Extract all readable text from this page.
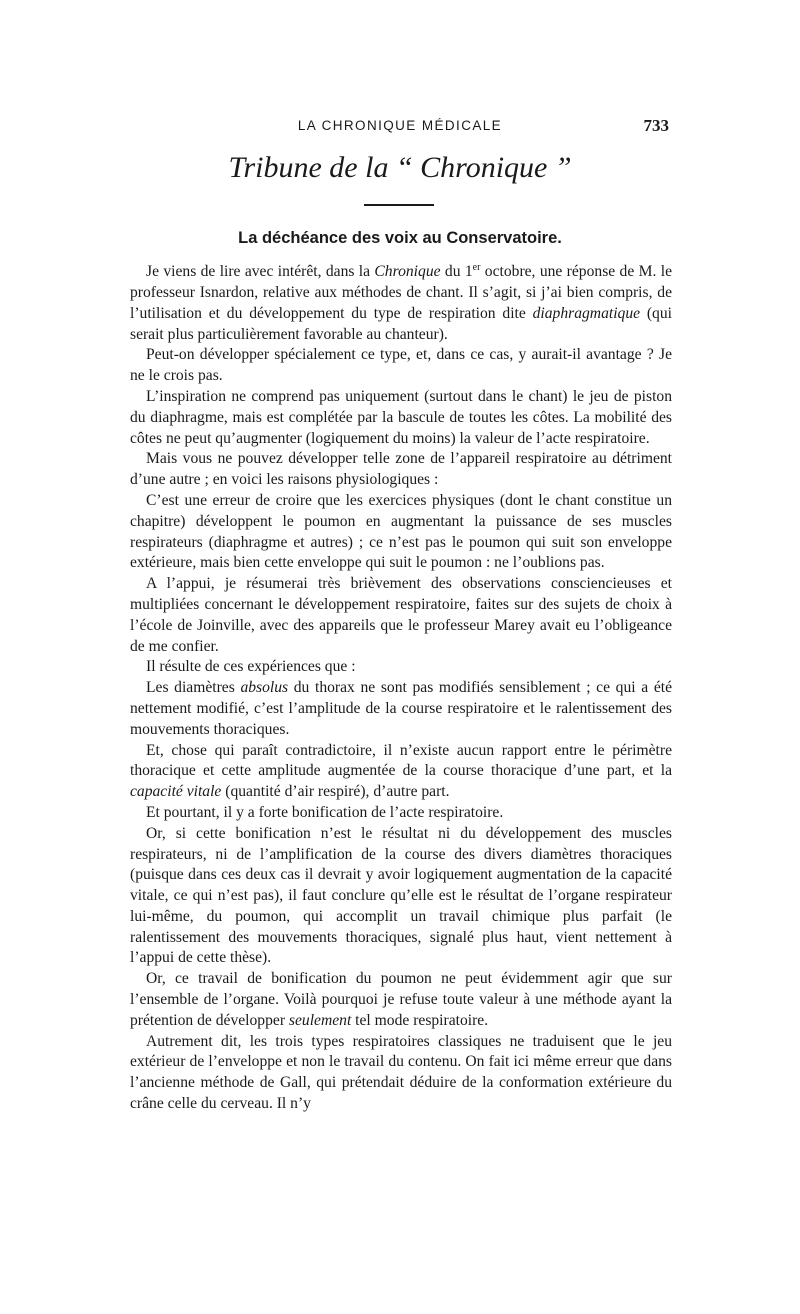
LA CHRONIQUE MÉDICALE	733
Tribune de la “ Chronique ”
La déchéance des voix au Conservatoire.

Je viens de lire avec intérêt, dans la Chronique du 1er octobre, une réponse de M. le professeur Isnardon, relative aux méthodes de chant. Il s’agit, si j’ai bien compris, de l’utilisation et du développement du type de respiration dite diaphragmatique (qui serait plus particulièrement favorable au chanteur).

Peut-on développer spécialement ce type, et, dans ce cas, y aurait-il avantage ? Je ne le crois pas.

L’inspiration ne comprend pas uniquement (surtout dans le chant) le jeu de piston du diaphragme, mais est complétée par la bascule de toutes les côtes. La mobilité des côtes ne peut qu’augmenter (logiquement du moins) la valeur de l’acte respiratoire.

Mais vous ne pouvez développer telle zone de l’appareil respiratoire au détriment d’une autre ; en voici les raisons physiologiques :

C’est une erreur de croire que les exercices physiques (dont le chant constitue un chapitre) développent le poumon en augmentant la puissance de ses muscles respirateurs (diaphragme et autres) ; ce n’est pas le poumon qui suit son enveloppe extérieure, mais bien cette enveloppe qui suit le poumon : ne l’oublions pas.

A l’appui, je résumerai très brièvement des observations consciencieuses et multipliées concernant le développement respiratoire, faites sur des sujets de choix à l’école de Joinville, avec des appareils que le professeur Marey avait eu l’obligeance de me confier.

Il résulte de ces expériences que :

Les diamètres absolus du thorax ne sont pas modifiés sensiblement ; ce qui a été nettement modifié, c’est l’amplitude de la course respiratoire et le ralentissement des mouvements thoraciques.

Et, chose qui paraît contradictoire, il n’existe aucun rapport entre le périmètre thoracique et cette amplitude augmentée de la course thoracique d’une part, et la capacité vitale (quantité d’air respiré), d’autre part.

Et pourtant, il y a forte bonification de l’acte respiratoire.

Or, si cette bonification n’est le résultat ni du développement des muscles respirateurs, ni de l’amplification de la course des divers diamètres thoraciques (puisque dans ces deux cas il devrait y avoir logiquement augmentation de la capacité vitale, ce qui n’est pas), il faut conclure qu’elle est le résultat de l’organe respirateur lui-même, du poumon, qui accomplit un travail chimique plus parfait (le ralentissement des mouvements thoraciques, signalé plus haut, vient nettement à l’appui de cette thèse).

Or, ce travail de bonification du poumon ne peut évidemment agir que sur l’ensemble de l’organe. Voilà pourquoi je refuse toute valeur à une méthode ayant la prétention de développer seulement tel mode respiratoire.

Autrement dit, les trois types respiratoires classiques ne traduisent que le jeu extérieur de l’enveloppe et non le travail du contenu. On fait ici même erreur que dans l’ancienne méthode de Gall, qui prétendait déduire de la conformation extérieure du crâne celle du cerveau. Il n’y
